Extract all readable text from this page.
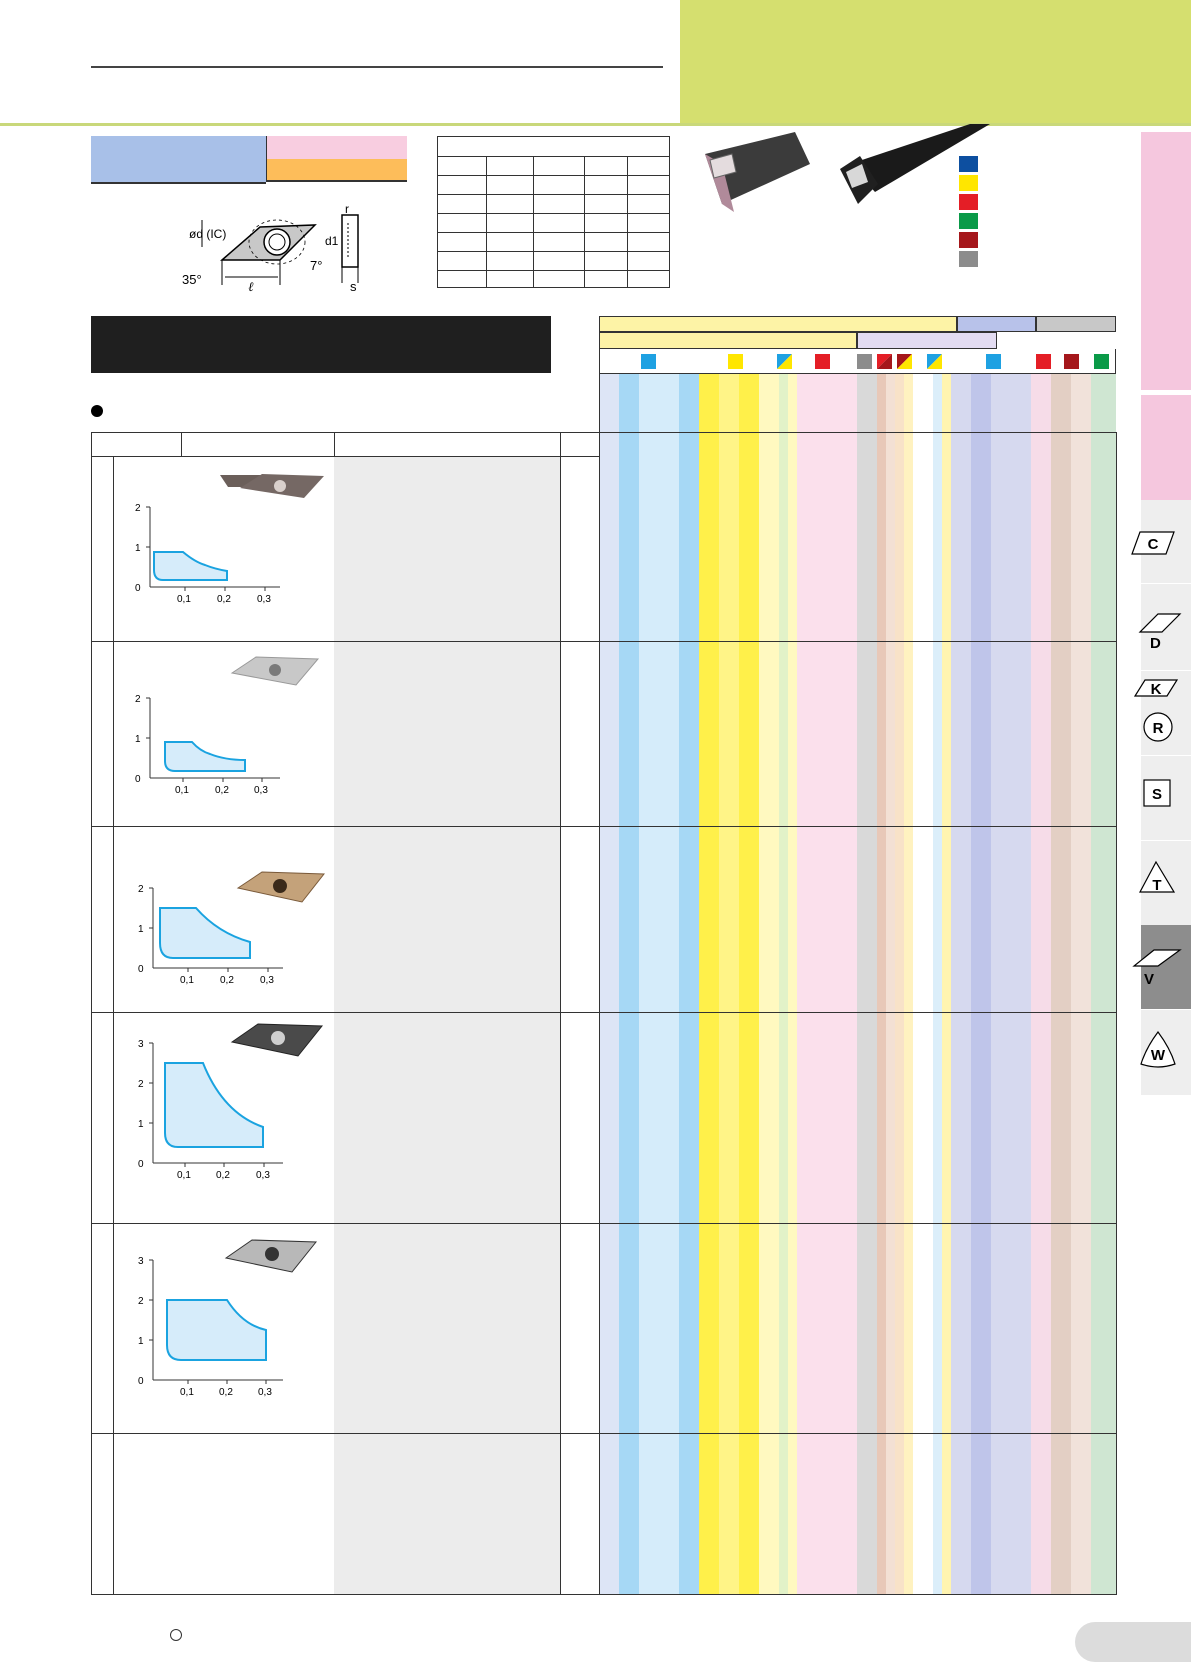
ød (IC)	d1
r
35°
7°
ℓ	s
2
1
0
0,1	0,2	0,3
2
1
0
0,1	0,2	0,3
2
1
0
0,1	0,2	0,3
3
2
1
0
0,1	0,2	0,3
3
2
1
0
0,1	0,2	0,3
C
D
K
R
S
T
V
W
